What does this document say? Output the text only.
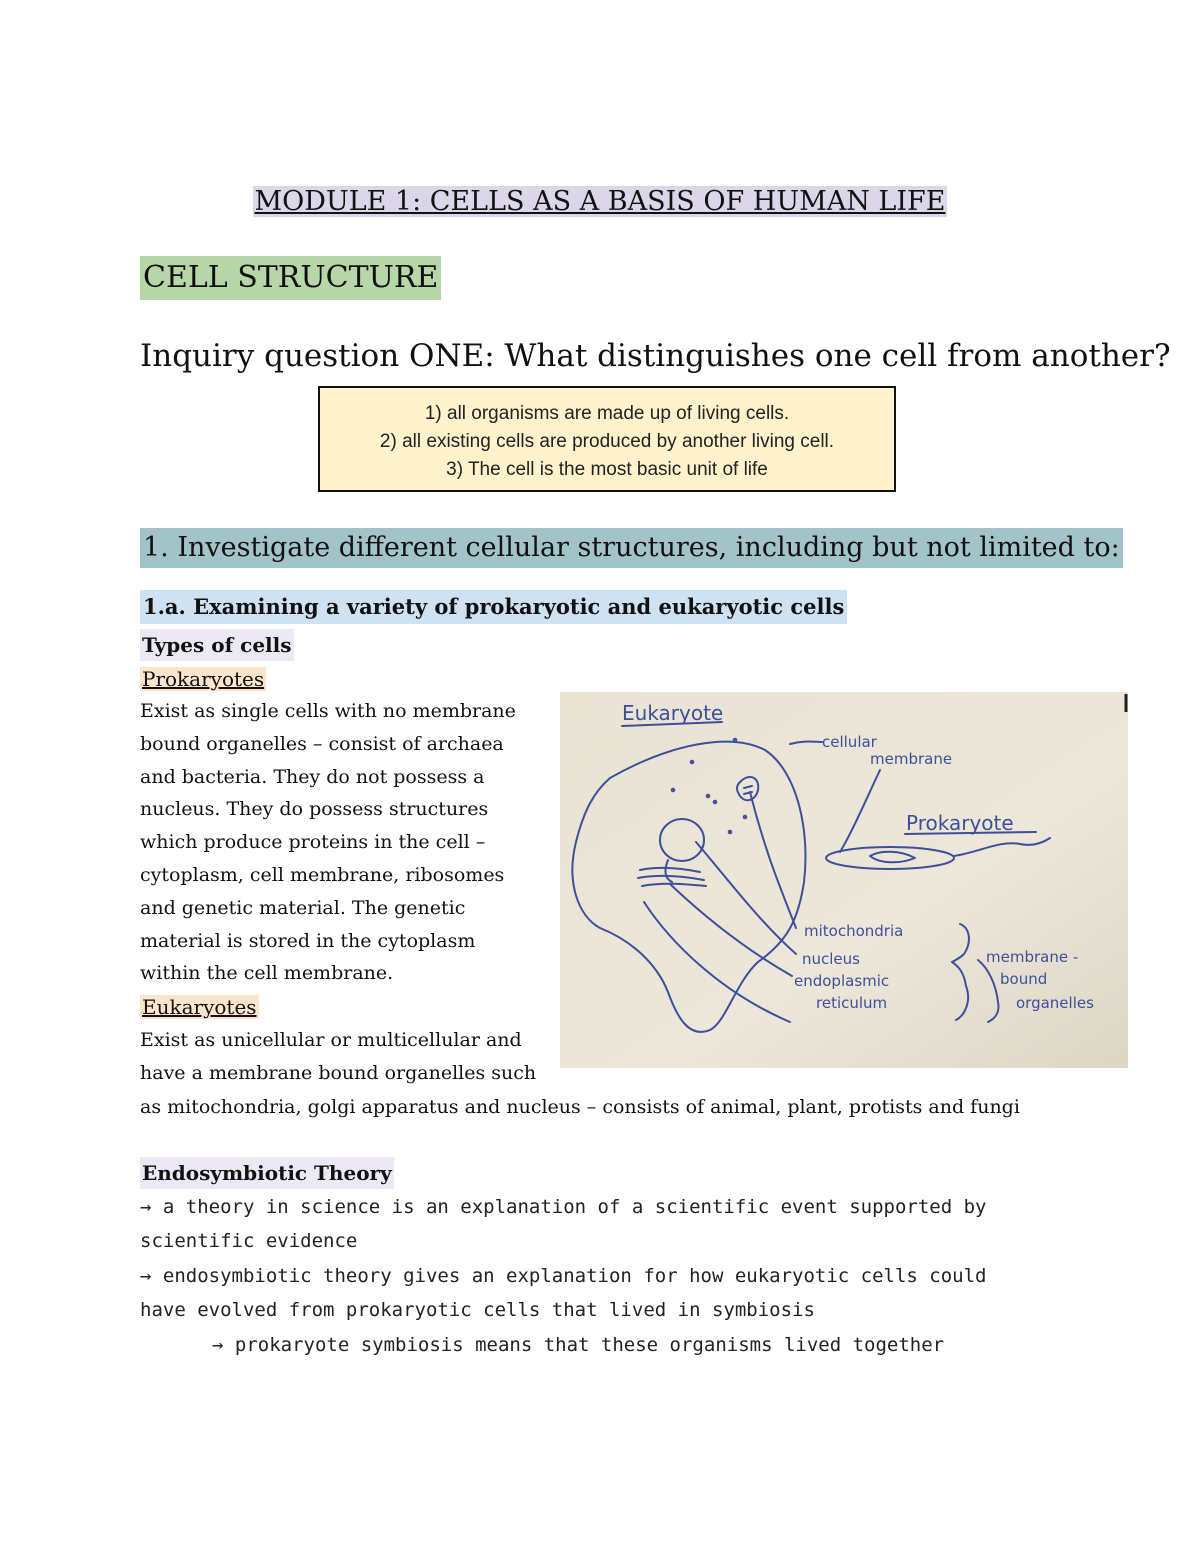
MODULE 1: CELLS AS A BASIS OF HUMAN LIFE
CELL STRUCTURE
Inquiry question ONE: What distinguishes one cell from another?
1) all organisms are made up of living cells.
2) all existing cells are produced by another living cell.
3) The cell is the most basic unit of life
1. Investigate different cellular structures, including but not limited to:
1.a. Examining a variety of prokaryotic and eukaryotic cells
Types of cells
Prokaryotes
Exist as single cells with no membrane
bound organelles – consist of archaea
and bacteria. They do not possess a
nucleus. They do possess structures
which produce proteins in the cell –
cytoplasm, cell membrane, ribosomes
and genetic material. The genetic
material is stored in the cytoplasm
within the cell membrane.
Eukaryotes
Exist as unicellular or multicellular and
have a membrane bound organelles such
as mitochondria, golgi apparatus and nucleus – consists of animal, plant, protists and fungi
Eukaryote
cellular
membrane
Prokaryote
mitochondria
nucleus
endoplasmic
reticulum
membrane -
bound
organelles
Endosymbiotic Theory
→ a theory in science is an explanation of a scientific event supported by
scientific evidence
→ endosymbiotic theory gives an explanation for how eukaryotic cells could
have evolved from prokaryotic cells that lived in symbiosis
→ prokaryote symbiosis means that these organisms lived together
